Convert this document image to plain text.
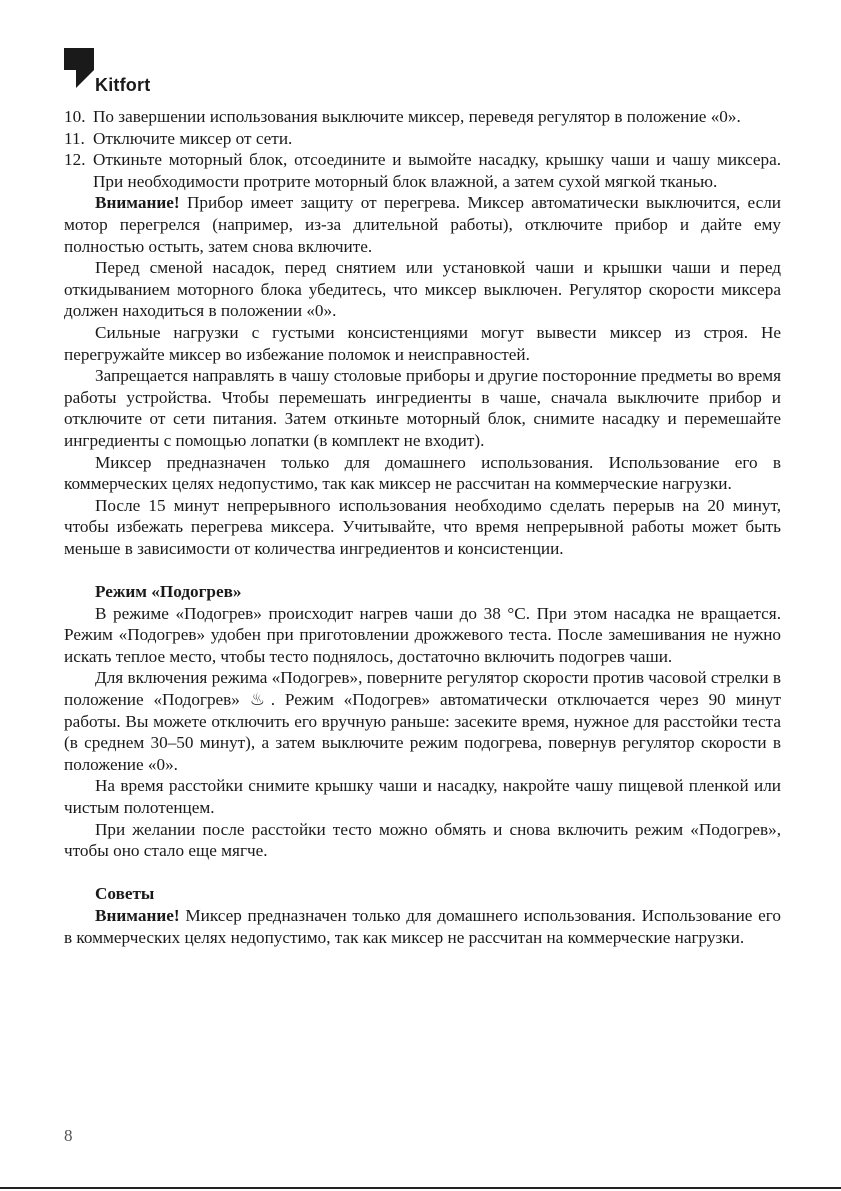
Kitfort
10. По завершении использования выключите миксер, переведя регулятор в положение «0».
11. Отключите миксер от сети.
12. Откиньте моторный блок, отсоедините и вымойте насадку, крышку чаши и чашу миксера. При необходимости протрите моторный блок влажной, а затем сухой мягкой тканью.

Внимание! Прибор имеет защиту от перегрева. Миксер автоматически выключится, если мотор перегрелся (например, из-за длительной работы), отключите прибор и дайте ему полностью остыть, затем снова включите.

Перед сменой насадок, перед снятием или установкой чаши и крышки чаши и перед откидыванием моторного блока убедитесь, что миксер выключен. Регулятор скорости миксера должен находиться в положении «0».

Сильные нагрузки с густыми консистенциями могут вывести миксер из строя. Не перегружайте миксер во избежание поломок и неисправностей.

Запрещается направлять в чашу столовые приборы и другие посторонние предметы во время работы устройства. Чтобы перемешать ингредиенты в чаше, сначала выключите прибор и отключите от сети питания. Затем откиньте моторный блок, снимите насадку и перемешайте ингредиенты с помощью лопатки (в комплект не входит).

Миксер предназначен только для домашнего использования. Использование его в коммерческих целях недопустимо, так как миксер не рассчитан на коммерческие нагрузки.

После 15 минут непрерывного использования необходимо сделать перерыв на 20 минут, чтобы избежать перегрева миксера. Учитывайте, что время непрерывной работы может быть меньше в зависимости от количества ингредиентов и консистенции.

Режим «Подогрев»

В режиме «Подогрев» происходит нагрев чаши до 38 °C. При этом насадка не вращается. Режим «Подогрев» удобен при приготовлении дрожжевого теста. После замешивания не нужно искать теплое место, чтобы тесто поднялось, достаточно включить подогрев чаши.

Для включения режима «Подогрев», поверните регулятор скорости против часовой стрелки в положение «Подогрев» ♨. Режим «Подогрев» автоматически отключается через 90 минут работы. Вы можете отключить его вручную раньше: засеките время, нужное для расстойки теста (в среднем 30–50 минут), а затем выключите режим подогрева, повернув регулятор скорости в положение «0».

На время расстойки снимите крышку чаши и насадку, накройте чашу пищевой пленкой или чистым полотенцем.

При желании после расстойки тесто можно обмять и снова включить режим «Подогрев», чтобы оно стало еще мягче.

Советы

Внимание! Миксер предназначен только для домашнего использования. Использование его в коммерческих целях недопустимо, так как миксер не рассчитан на коммерческие нагрузки.

8
